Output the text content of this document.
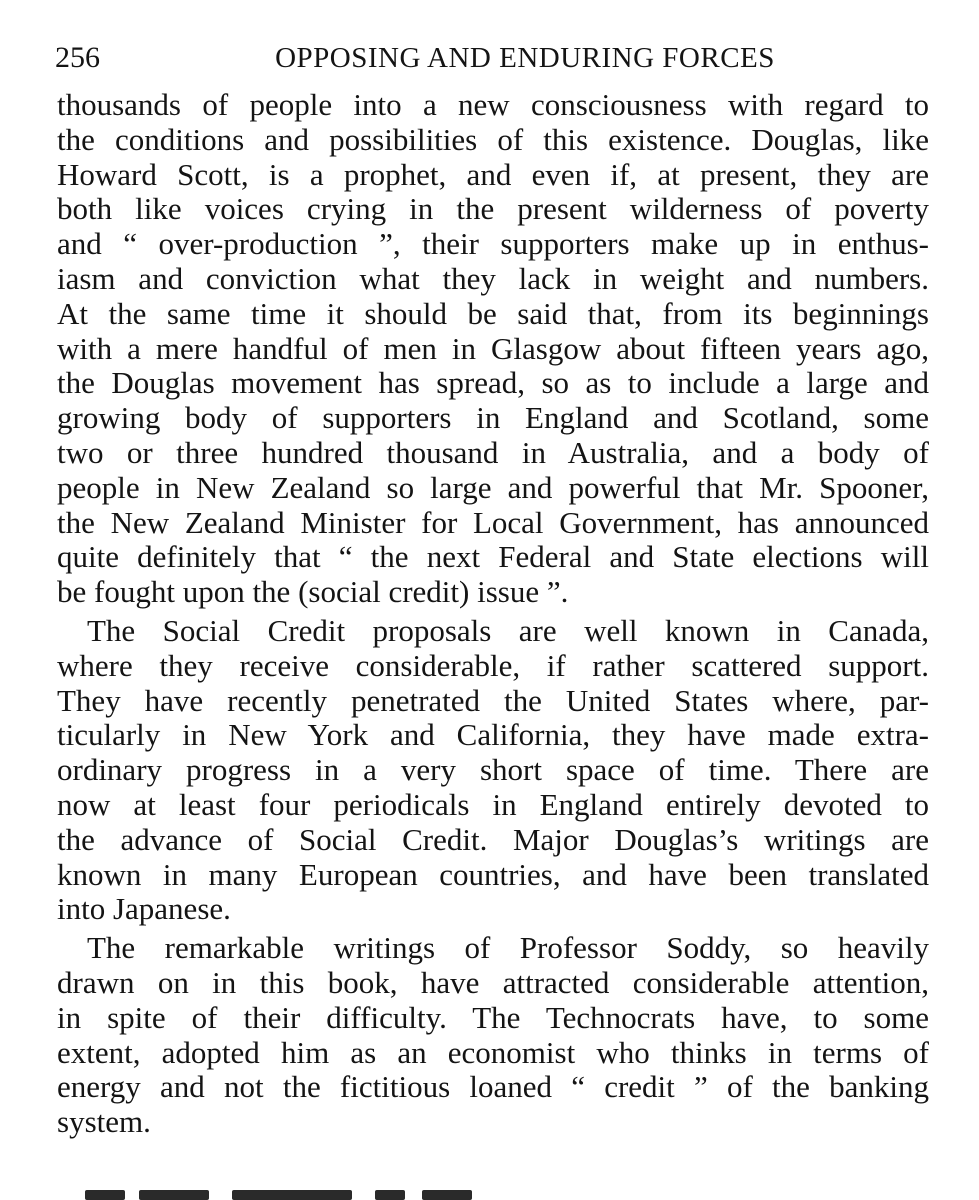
256	OPPOSING AND ENDURING FORCES
thousands of people into a new consciousness with regard to
the conditions and possibilities of this existence. Douglas, like
Howard Scott, is a prophet, and even if, at present, they are
both like voices crying in the present wilderness of poverty
and “ over-production ”, their supporters make up in enthus-
iasm and conviction what they lack in weight and numbers.
At the same time it should be said that, from its beginnings
with a mere handful of men in Glasgow about fifteen years ago,
the Douglas movement has spread, so as to include a large and
growing body of supporters in England and Scotland, some
two or three hundred thousand in Australia, and a body of
people in New Zealand so large and powerful that Mr. Spooner,
the New Zealand Minister for Local Government, has announced
quite definitely that “ the next Federal and State elections will
be fought upon the (social credit) issue ”.
The Social Credit proposals are well known in Canada,
where they receive considerable, if rather scattered support.
They have recently penetrated the United States where, par-
ticularly in New York and California, they have made extra-
ordinary progress in a very short space of time. There are
now at least four periodicals in England entirely devoted to
the advance of Social Credit. Major Douglas’s writings are
known in many European countries, and have been translated
into Japanese.
The remarkable writings of Professor Soddy, so heavily
drawn on in this book, have attracted considerable attention,
in spite of their difficulty. The Technocrats have, to some
extent, adopted him as an economist who thinks in terms of
energy and not the fictitious loaned “ credit ” of the banking
system.
